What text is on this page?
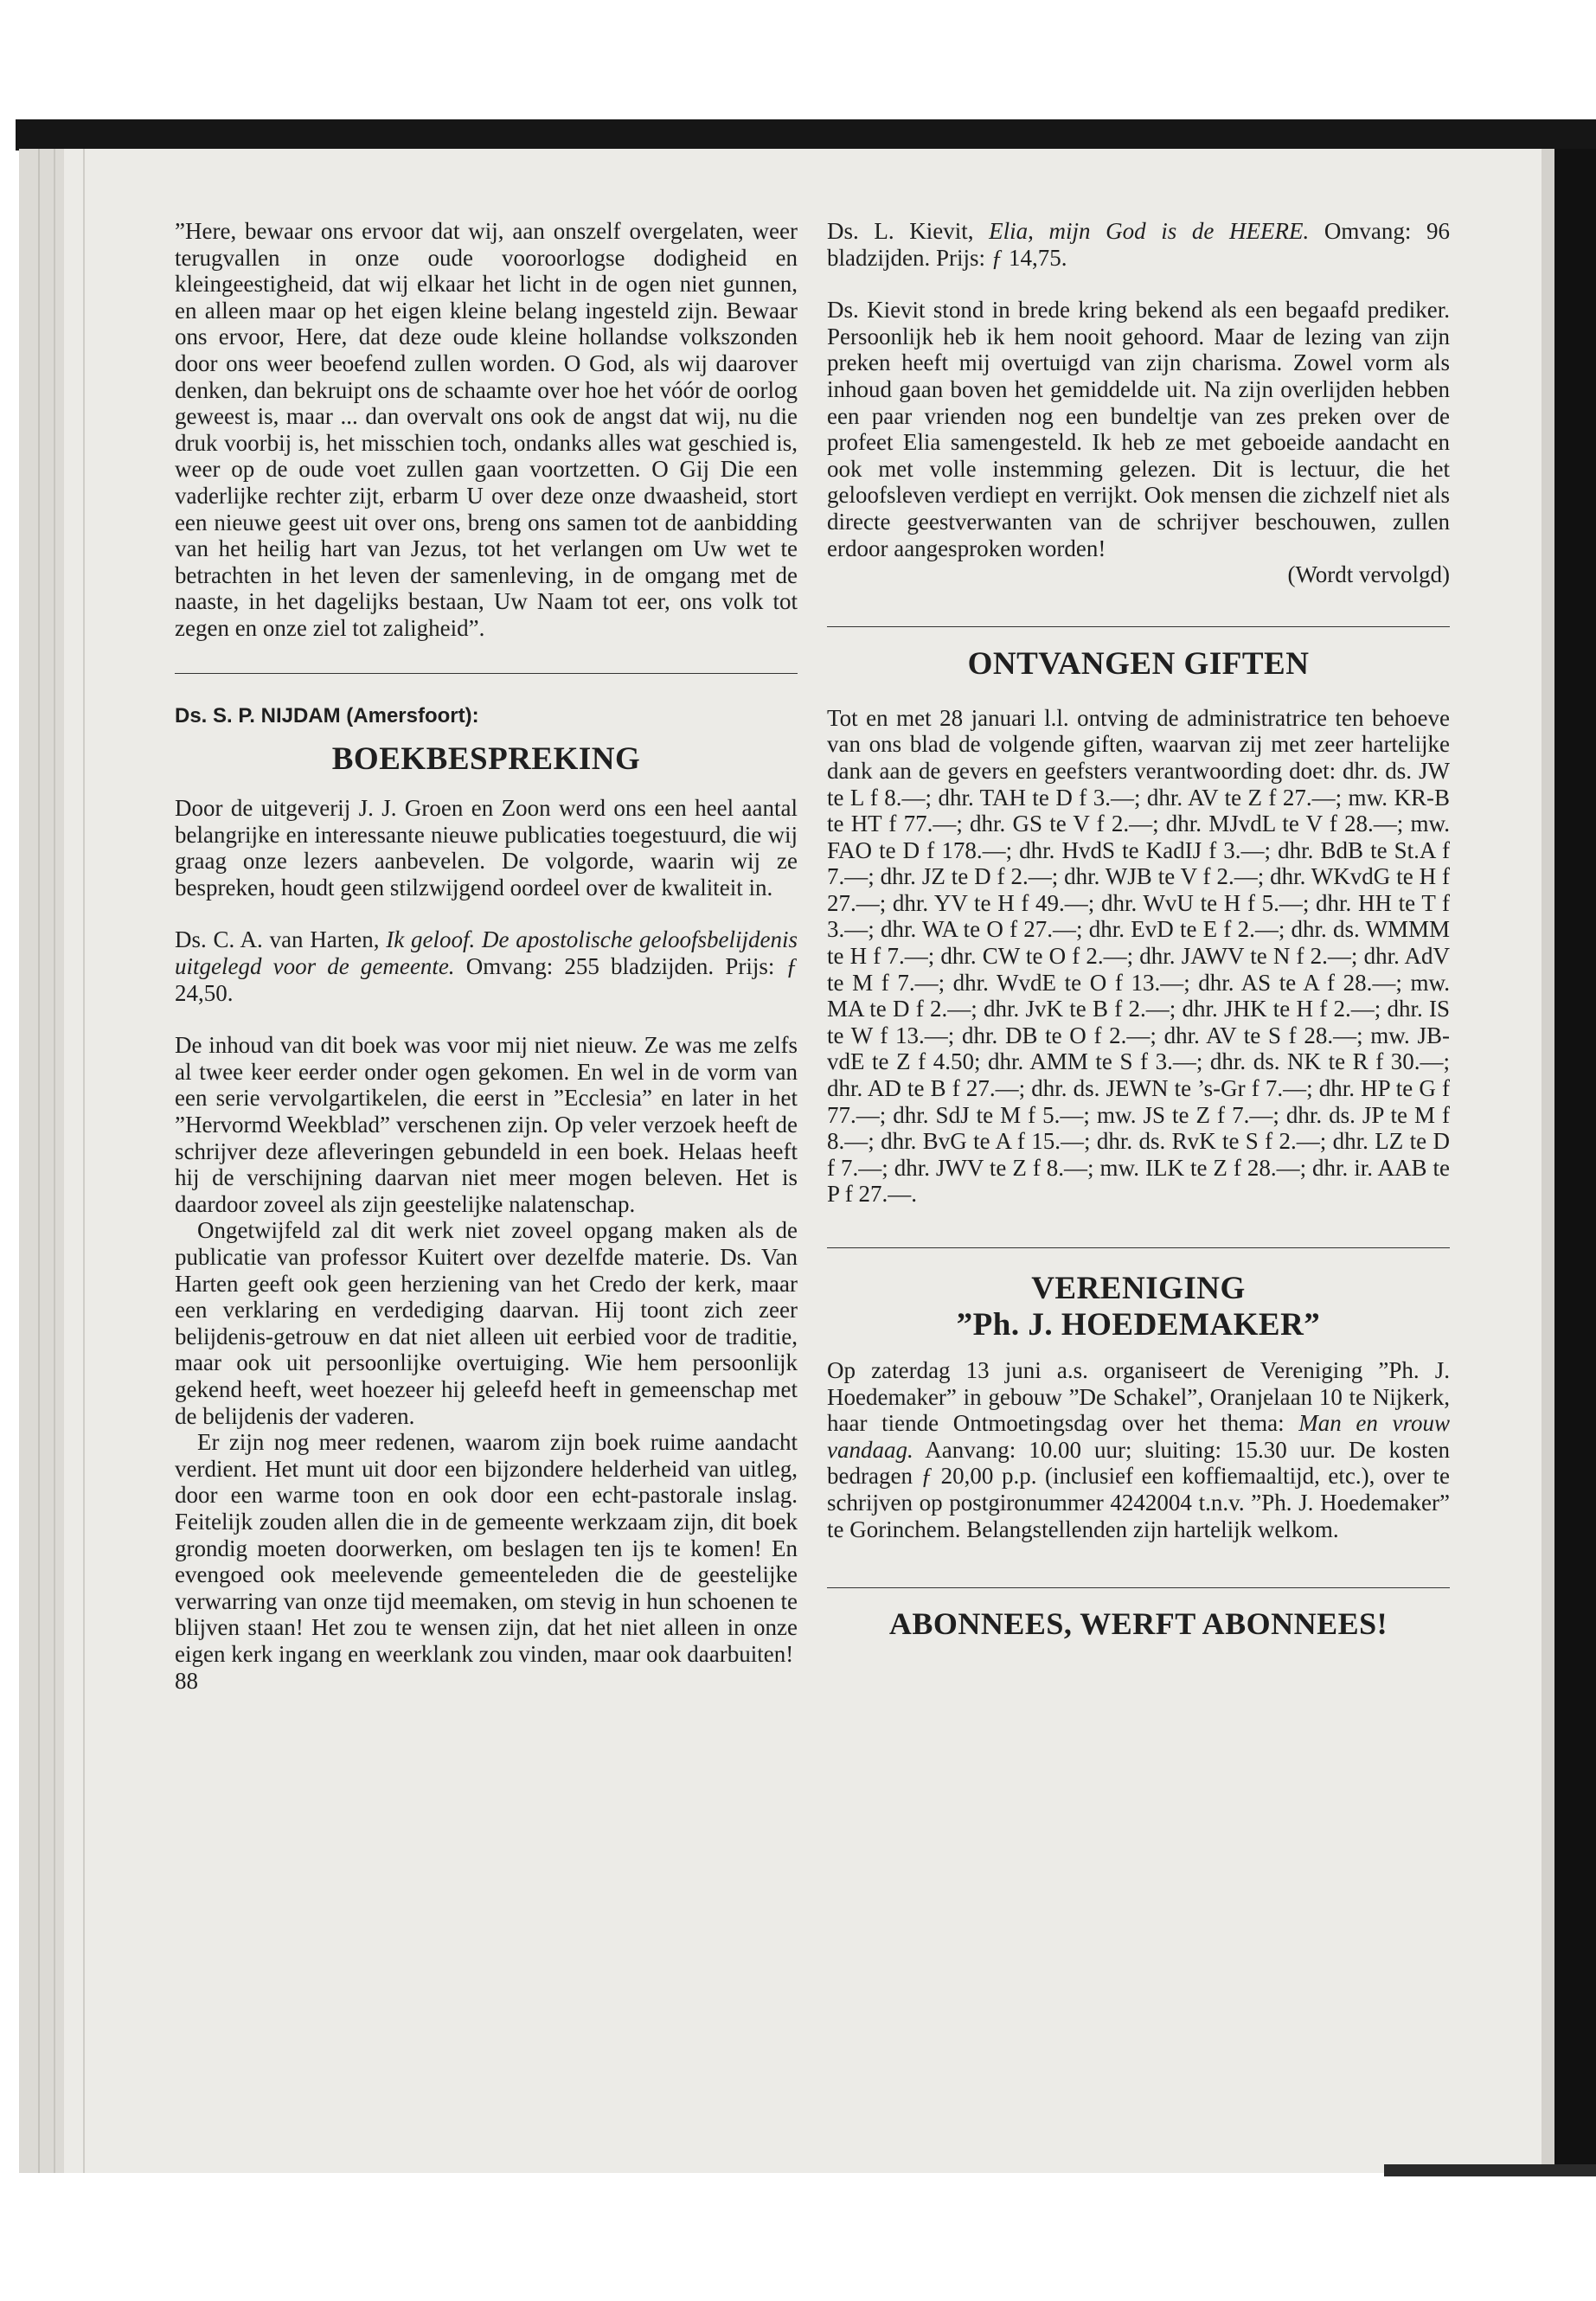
”Here, bewaar ons ervoor dat wij, aan onszelf overgelaten, weer terugvallen in onze oude vooroorlogse dodigheid en kleingeestigheid, dat wij elkaar het licht in de ogen niet gunnen, en alleen maar op het eigen kleine belang ingesteld zijn. Bewaar ons ervoor, Here, dat deze oude kleine hollandse volkszonden door ons weer beoefend zullen worden. O God, als wij daarover denken, dan bekruipt ons de schaamte over hoe het vóór de oorlog geweest is, maar ... dan overvalt ons ook de angst dat wij, nu die druk voorbij is, het misschien toch, ondanks alles wat geschied is, weer op de oude voet zullen gaan voortzetten. O Gij Die een vaderlijke rechter zijt, erbarm U over deze onze dwaasheid, stort een nieuwe geest uit over ons, breng ons samen tot de aanbidding van het heilig hart van Jezus, tot het verlangen om Uw wet te betrachten in het leven der samenleving, in de omgang met de naaste, in het dagelijks bestaan, Uw Naam tot eer, ons volk tot zegen en onze ziel tot zaligheid”.

Ds. S. P. NIJDAM (Amersfoort):

BOEKBESPREKING

Door de uitgeverij J. J. Groen en Zoon werd ons een heel aantal belangrijke en interessante nieuwe publicaties toegestuurd, die wij graag onze lezers aanbevelen. De volgorde, waarin wij ze bespreken, houdt geen stilzwijgend oordeel over de kwaliteit in.

Ds. C. A. van Harten, Ik geloof. De apostolische geloofsbelijdenis uitgelegd voor de gemeente. Omvang: 255 bladzijden. Prijs: ƒ 24,50.

De inhoud van dit boek was voor mij niet nieuw. Ze was me zelfs al twee keer eerder onder ogen gekomen. En wel in de vorm van een serie vervolgartikelen, die eerst in ”Ecclesia” en later in het ”Hervormd Weekblad” verschenen zijn. Op veler verzoek heeft de schrijver deze afleveringen gebundeld in een boek. Helaas heeft hij de verschijning daarvan niet meer mogen beleven. Het is daardoor zoveel als zijn geestelijke nalatenschap.

Ongetwijfeld zal dit werk niet zoveel opgang maken als de publicatie van professor Kuitert over dezelfde materie. Ds. Van Harten geeft ook geen herziening van het Credo der kerk, maar een verklaring en verdediging daarvan. Hij toont zich zeer belijdenis-getrouw en dat niet alleen uit eerbied voor de traditie, maar ook uit persoonlijke overtuiging. Wie hem persoonlijk gekend heeft, weet hoezeer hij geleefd heeft in gemeenschap met de belijdenis der vaderen.

Er zijn nog meer redenen, waarom zijn boek ruime aandacht verdient. Het munt uit door een bijzondere helderheid van uitleg, door een warme toon en ook door een echt-pastorale inslag. Feitelijk zouden allen die in de gemeente werkzaam zijn, dit boek grondig moeten doorwerken, om beslagen ten ijs te komen! En evengoed ook meelevende gemeenteleden die de geestelijke verwarring van onze tijd meemaken, om stevig in hun schoenen te blijven staan! Het zou te wensen zijn, dat het niet alleen in onze eigen kerk ingang en weerklank zou vinden, maar ook daarbuiten!

88

Ds. L. Kievit, Elia, mijn God is de HEERE. Omvang: 96 bladzijden. Prijs: ƒ 14,75.

Ds. Kievit stond in brede kring bekend als een begaafd prediker. Persoonlijk heb ik hem nooit gehoord. Maar de lezing van zijn preken heeft mij overtuigd van zijn charisma. Zowel vorm als inhoud gaan boven het gemiddelde uit. Na zijn overlijden hebben een paar vrienden nog een bundeltje van zes preken over de profeet Elia samengesteld. Ik heb ze met geboeide aandacht en ook met volle instemming gelezen. Dit is lectuur, die het geloofsleven verdiept en verrijkt. Ook mensen die zichzelf niet als directe geestverwanten van de schrijver beschouwen, zullen erdoor aangesproken worden!

(Wordt vervolgd)

ONTVANGEN GIFTEN

Tot en met 28 januari l.l. ontving de administratrice ten behoeve van ons blad de volgende giften, waarvan zij met zeer hartelijke dank aan de gevers en geefsters verantwoording doet: dhr. ds. JW te L f 8.—; dhr. TAH te D f 3.—; dhr. AV te Z f 27.—; mw. KR-B te HT f 77.—; dhr. GS te V f 2.—; dhr. MJvdL te V f 28.—; mw. FAO te D f 178.—; dhr. HvdS te KadIJ f 3.—; dhr. BdB te St.A f 7.—; dhr. JZ te D f 2.—; dhr. WJB te V f 2.—; dhr. WKvdG te H f 27.—; dhr. YV te H f 49.—; dhr. WvU te H f 5.—; dhr. HH te T f 3.—; dhr. WA te O f 27.—; dhr. EvD te E f 2.—; dhr. ds. WMMM te H f 7.—; dhr. CW te O f 2.—; dhr. JAWV te N f 2.—; dhr. AdV te M f 7.—; dhr. WvdE te O f 13.—; dhr. AS te A f 28.—; mw. MA te D f 2.—; dhr. JvK te B f 2.—; dhr. JHK te H f 2.—; dhr. IS te W f 13.—; dhr. DB te O f 2.—; dhr. AV te S f 28.—; mw. JB-vdE te Z f 4.50; dhr. AMM te S f 3.—; dhr. ds. NK te R f 30.—; dhr. AD te B f 27.—; dhr. ds. JEWN te ’s-Gr f 7.—; dhr. HP te G f 77.—; dhr. SdJ te M f 5.—; mw. JS te Z f 7.—; dhr. ds. JP te M f 8.—; dhr. BvG te A f 15.—; dhr. ds. RvK te S f 2.—; dhr. LZ te D f 7.—; dhr. JWV te Z f 8.—; mw. ILK te Z f 28.—; dhr. ir. AAB te P f 27.—.

VERENIGING
”Ph. J. HOEDEMAKER”

Op zaterdag 13 juni a.s. organiseert de Vereniging ”Ph. J. Hoedemaker” in gebouw ”De Schakel”, Oranjelaan 10 te Nijkerk, haar tiende Ontmoetingsdag over het thema: Man en vrouw vandaag. Aanvang: 10.00 uur; sluiting: 15.30 uur. De kosten bedragen ƒ 20,00 p.p. (inclusief een koffiemaaltijd, etc.), over te schrijven op postgironummer 4242004 t.n.v. ”Ph. J. Hoedemaker” te Gorinchem. Belangstellenden zijn hartelijk welkom.

ABONNEES, WERFT ABONNEES!
